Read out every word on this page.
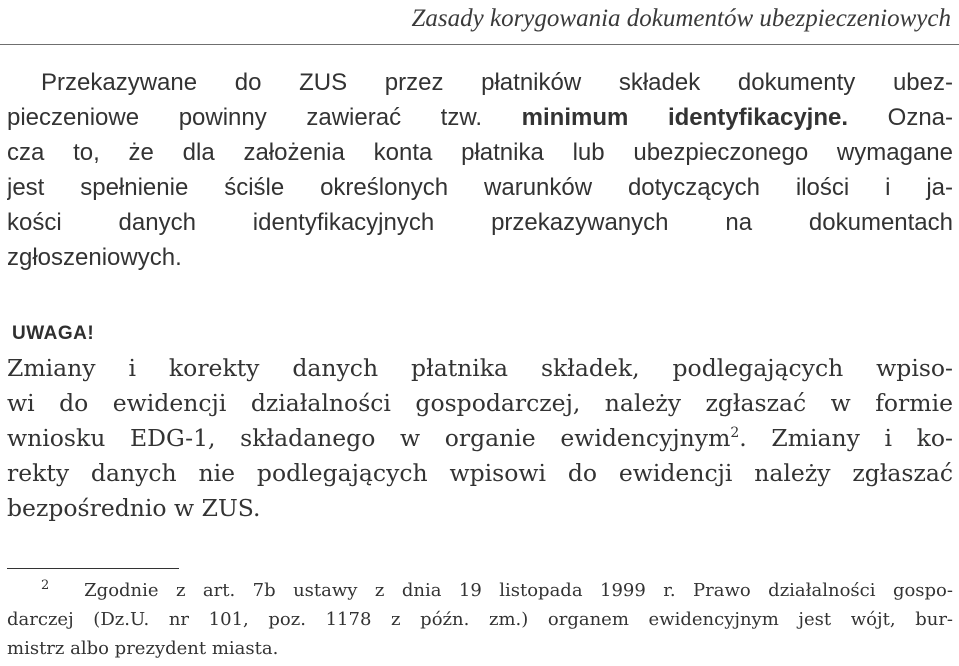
Zasady korygowania dokumentów ubezpieczeniowych
Przekazywane do ZUS przez płatników składek dokumenty ubez-
pieczeniowe powinny zawierać tzw. minimum identyfikacyjne. Ozna-
cza to, że dla założenia konta płatnika lub ubezpieczonego wymagane
jest spełnienie ściśle określonych warunków dotyczących ilości i ja-
kości danych identyfikacyjnych przekazywanych na dokumentach
zgłoszeniowych.
UWAGA!
Zmiany i korekty danych płatnika składek, podlegających wpiso-
wi do ewidencji działalności gospodarczej, należy zgłaszać w formie
wniosku EDG-1, składanego w organie ewidencyjnym$^2$. Zmiany i ko-
rekty danych nie podlegających wpisowi do ewidencji należy zgłaszać
bezpośrednio w ZUS.
$^2$ Zgodnie z art. 7b ustawy z dnia 19 listopada 1999 r. Prawo działalności gospo-
darczej (Dz.U. nr 101, poz. 1178 z późn. zm.) organem ewidencyjnym jest wójt, bur-
mistrz albo prezydent miasta.
